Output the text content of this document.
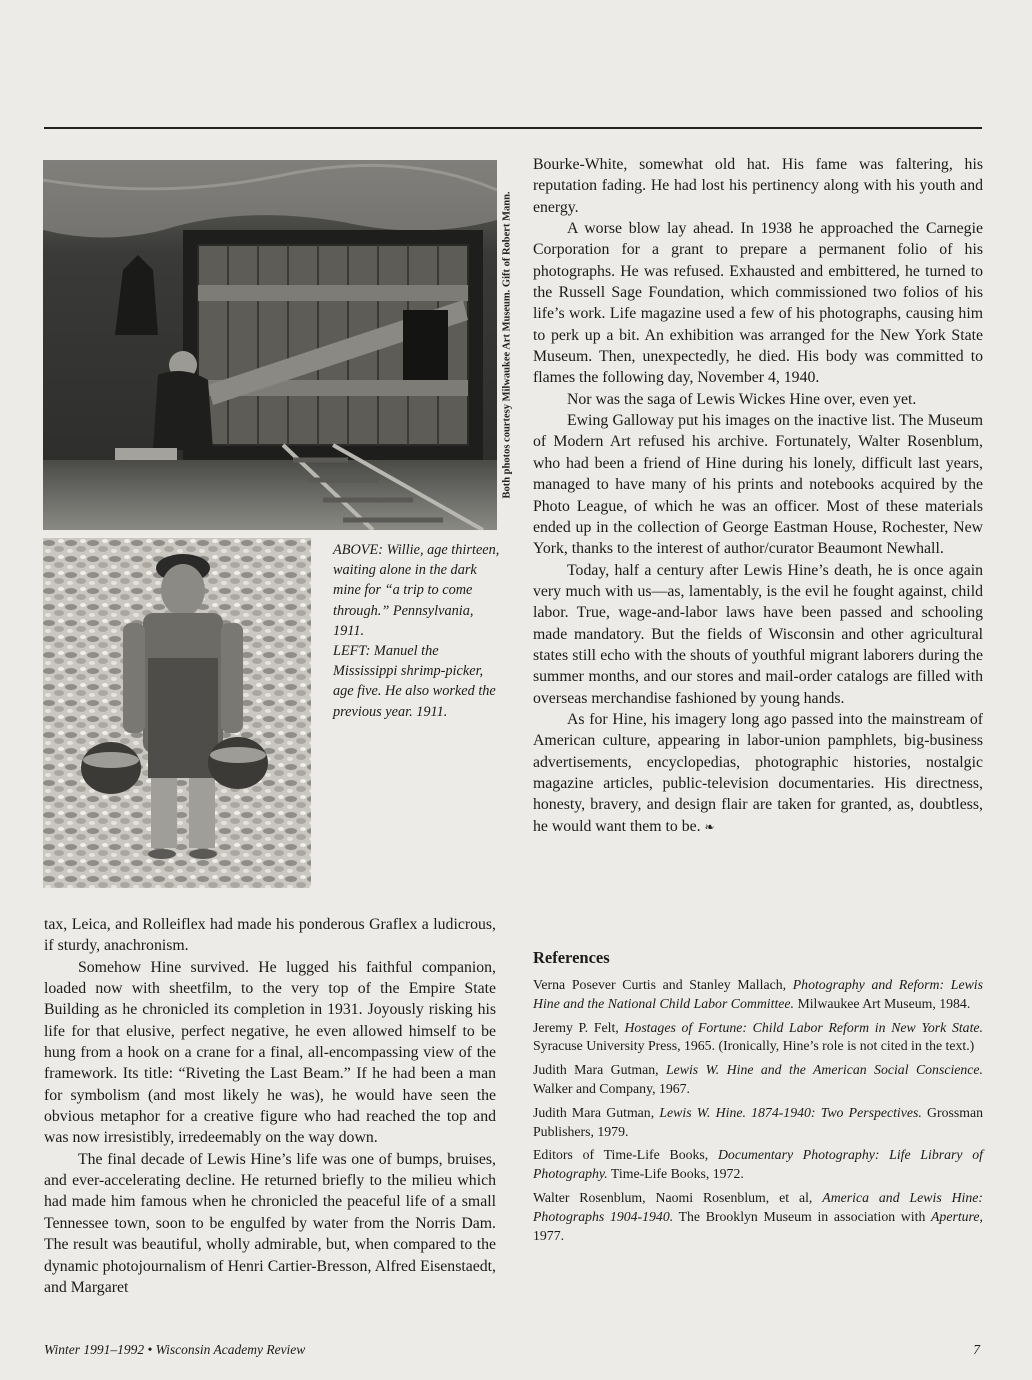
Both photos courtesy Milwaukee Art Museum. Gift of Robert Mann.

ABOVE: Willie, age thirteen, waiting alone in the dark mine for “a trip to come through.” Pennsylvania, 1911.

LEFT: Manuel the Mississippi shrimp-picker, age five. He also worked the previous year. 1911.

tax, Leica, and Rolleiflex had made his ponderous Graflex a ludicrous, if sturdy, anachronism.

Somehow Hine survived. He lugged his faithful companion, loaded now with sheetfilm, to the very top of the Empire State Building as he chronicled its completion in 1931. Joyously risking his life for that elusive, perfect negative, he even allowed himself to be hung from a hook on a crane for a final, all-encompassing view of the framework. Its title: “Riveting the Last Beam.” If he had been a man for symbolism (and most likely he was), he would have seen the obvious metaphor for a creative figure who had reached the top and was now irresistibly, irredeemably on the way down.

The final decade of Lewis Hine’s life was one of bumps, bruises, and ever-accelerating decline. He returned briefly to the milieu which had made him famous when he chronicled the peaceful life of a small Tennessee town, soon to be engulfed by water from the Norris Dam. The result was beautiful, wholly admirable, but, when compared to the dynamic photojournalism of Henri Cartier-Bresson, Alfred Eisenstaedt, and Margaret

Bourke-White, somewhat old hat. His fame was faltering, his reputation fading. He had lost his pertinency along with his youth and energy.

A worse blow lay ahead. In 1938 he approached the Carnegie Corporation for a grant to prepare a permanent folio of his photographs. He was refused. Exhausted and embittered, he turned to the Russell Sage Foundation, which commissioned two folios of his life’s work. Life magazine used a few of his photographs, causing him to perk up a bit. An exhibition was arranged for the New York State Museum. Then, unexpectedly, he died. His body was committed to flames the following day, November 4, 1940.

Nor was the saga of Lewis Wickes Hine over, even yet.

Ewing Galloway put his images on the inactive list. The Museum of Modern Art refused his archive. Fortunately, Walter Rosenblum, who had been a friend of Hine during his lonely, difficult last years, managed to have many of his prints and notebooks acquired by the Photo League, of which he was an officer. Most of these materials ended up in the collection of George Eastman House, Rochester, New York, thanks to the interest of author/curator Beaumont Newhall.

Today, half a century after Lewis Hine’s death, he is once again very much with us—as, lamentably, is the evil he fought against, child labor. True, wage-and-labor laws have been passed and schooling made mandatory. But the fields of Wisconsin and other agricultural states still echo with the shouts of youthful migrant laborers during the summer months, and our stores and mail-order catalogs are filled with overseas merchandise fashioned by young hands.

As for Hine, his imagery long ago passed into the mainstream of American culture, appearing in labor-union pamphlets, big-business advertisements, encyclopedias, photographic histories, nostalgic magazine articles, public-television documentaries. His directness, honesty, bravery, and design flair are taken for granted, as, doubtless, he would want them to be. ❧

References

Verna Posever Curtis and Stanley Mallach, Photography and Reform: Lewis Hine and the National Child Labor Committee. Milwaukee Art Museum, 1984.

Jeremy P. Felt, Hostages of Fortune: Child Labor Reform in New York State. Syracuse University Press, 1965. (Ironically, Hine’s role is not cited in the text.)

Judith Mara Gutman, Lewis W. Hine and the American Social Conscience. Walker and Company, 1967.

Judith Mara Gutman, Lewis W. Hine. 1874-1940: Two Perspectives. Grossman Publishers, 1979.

Editors of Time-Life Books, Documentary Photography: Life Library of Photography. Time-Life Books, 1972.

Walter Rosenblum, Naomi Rosenblum, et al, America and Lewis Hine: Photographs 1904-1940. The Brooklyn Museum in association with Aperture, 1977.

Winter 1991–1992 • Wisconsin Academy Review	7
